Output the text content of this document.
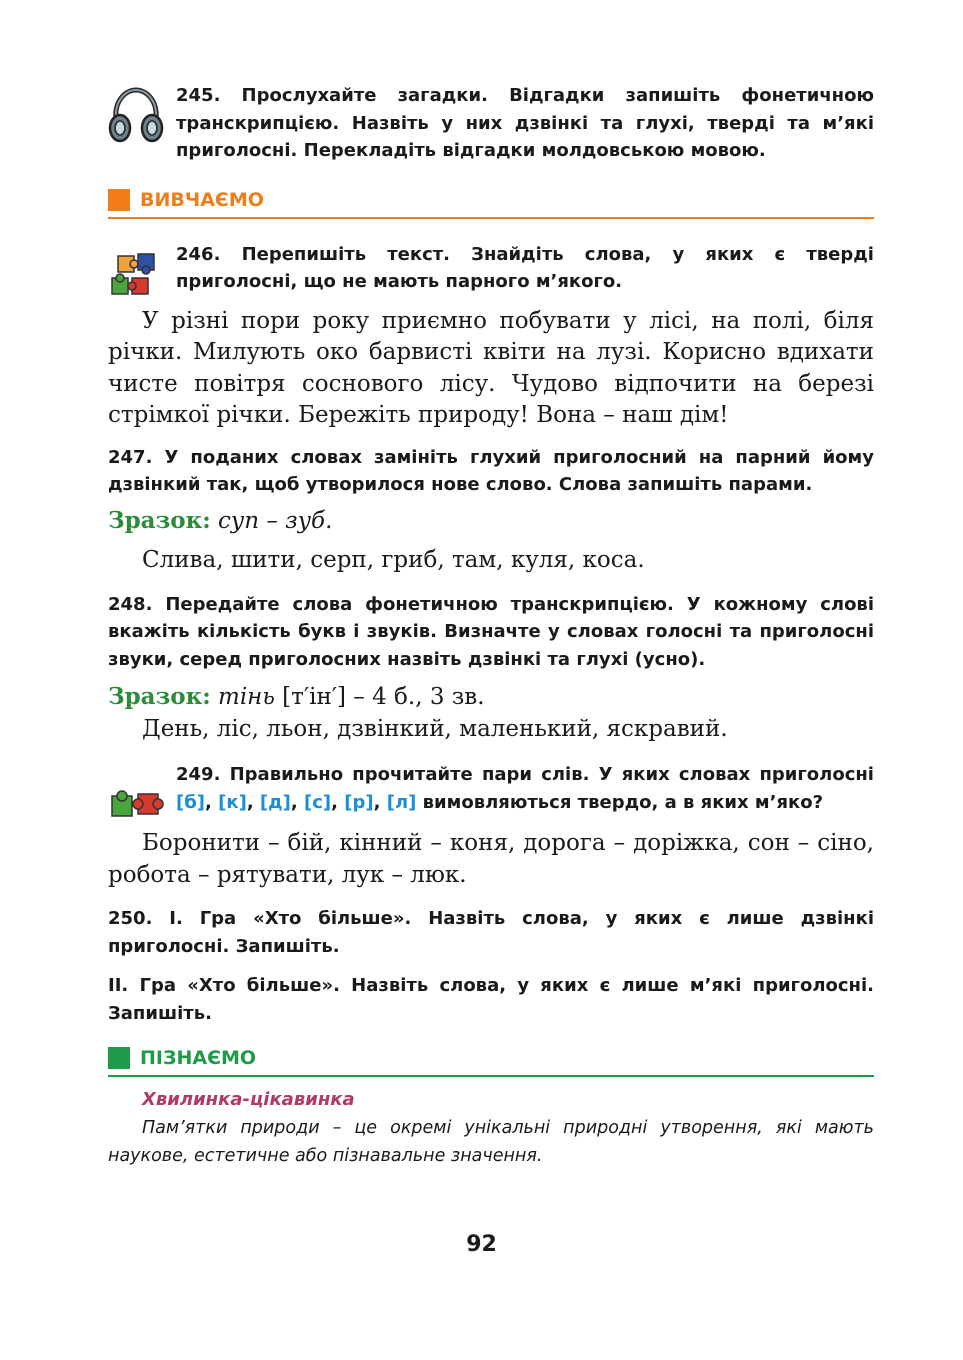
245. Прослухайте загадки. Відгадки запишіть фонетичною транскрипцією. Назвіть у них дзвінкі та глухі, тверді та м’які приголосні. Перекладіть відгадки молдовською мовою.

ВИВЧАЄМО

246. Перепишіть текст. Знайдіть слова, у яких є тверді приголосні, що не мають парного м’якого.

У різні пори року приємно побувати у лісі, на полі, біля річки. Милують око барвисті квіти на лузі. Корисно вдихати чисте повітря соснового лісу. Чудово відпочити на березі стрімкої річки. Бережіть природу! Вона – наш дім!

247. У поданих словах замініть глухий приголосний на парний йому дзвінкий так, щоб утворилося нове слово. Слова запишіть парами.

Зразок: суп – зуб.

Слива, шити, серп, гриб, там, куля, коса.

248. Передайте слова фонетичною транскрипцією. У кожному слові вкажіть кількість букв і звуків. Визначте у словах голосні та приголосні звуки, серед приголосних назвіть дзвінкі та глухі (усно).

Зразок: тінь [т′ін′] – 4 б., 3 зв.

День, ліс, льон, дзвінкий, маленький, яскравий.

249. Правильно прочитайте пари слів. У яких словах приголосні [б], [к], [д], [с], [р], [л] вимовляються твердо, а в яких м’яко?

Боронити – бій, кінний – коня, дорога – доріжка, сон – сіно, робота – рятувати, лук – люк.

250. І. Гра «Хто більше». Назвіть слова, у яких є лише дзвінкі приголосні. Запишіть.

ІІ. Гра «Хто більше». Назвіть слова, у яких є лише м’які приголосні. Запишіть.

ПІЗНАЄМО

Хвилинка-цікавинка

Пам’ятки природи – це окремі унікальні природні утворення, які мають наукове, естетичне або пізнавальне значення.

92
